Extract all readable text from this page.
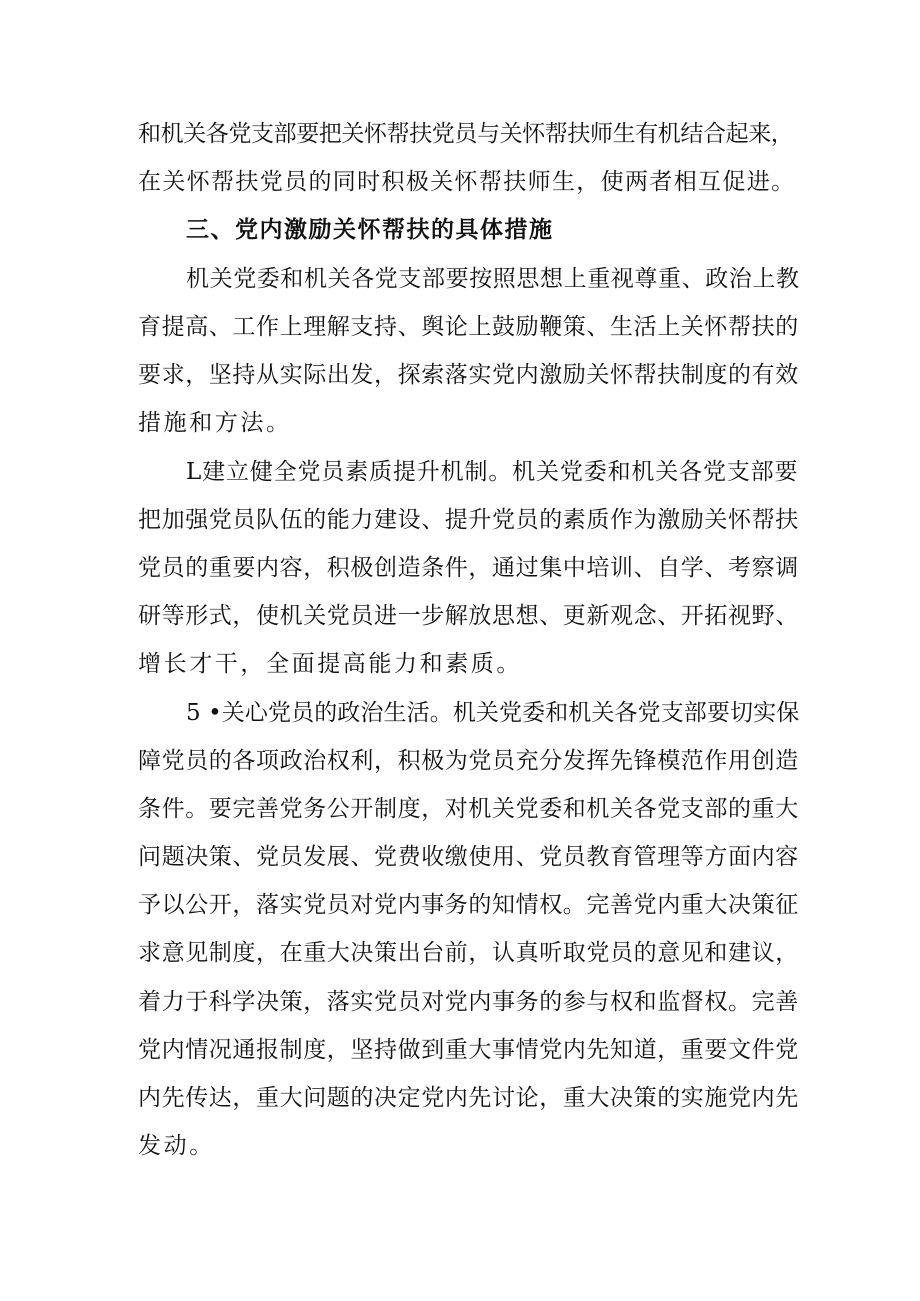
和机关各党支部要把关怀帮扶党员与关怀帮扶师生有机结合起来，
在关怀帮扶党员的同时积极关怀帮扶师生，使两者相互促进。
三、党内激励关怀帮扶的具体措施
机关党委和机关各党支部要按照思想上重视尊重、政治上教
育提高、工作上理解支持、舆论上鼓励鞭策、生活上关怀帮扶的
要求，坚持从实际出发，探索落实党内激励关怀帮扶制度的有效
措施和方法。
L建立健全党员素质提升机制。机关党委和机关各党支部要
把加强党员队伍的能力建设、提升党员的素质作为激励关怀帮扶
党员的重要内容，积极创造条件，通过集中培训、自学、考察调
研等形式，使机关党员进一步解放思想、更新观念、开拓视野、
增长才干，全面提高能力和素质。
5 •关心党员的政治生活。机关党委和机关各党支部要切实保
障党员的各项政治权利，积极为党员充分发挥先锋模范作用创造
条件。要完善党务公开制度，对机关党委和机关各党支部的重大
问题决策、党员发展、党费收缴使用、党员教育管理等方面内容
予以公开，落实党员对党内事务的知情权。完善党内重大决策征
求意见制度，在重大决策出台前，认真听取党员的意见和建议，
着力于科学决策，落实党员对党内事务的参与权和监督权。完善
党内情况通报制度，坚持做到重大事情党内先知道，重要文件党
内先传达，重大问题的决定党内先讨论，重大决策的实施党内先
发动。
